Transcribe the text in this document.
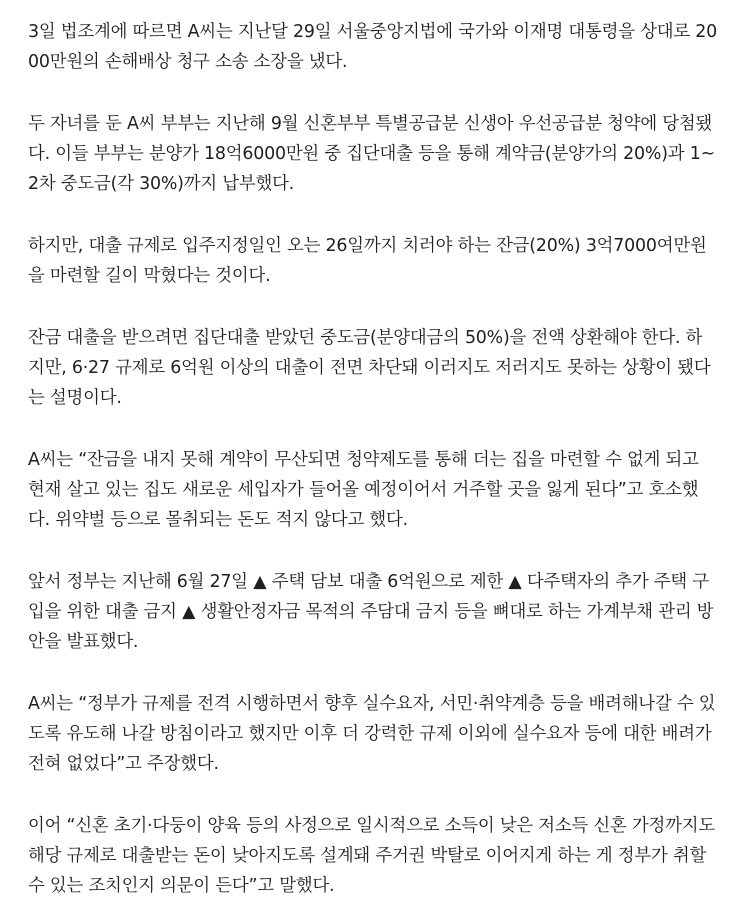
3일 법조계에 따르면 A씨는 지난달 29일 서울중앙지법에 국가와 이재명 대통령을 상대로 2000만원의 손해배상 청구 소송 소장을 냈다.

두 자녀를 둔 A씨 부부는 지난해 9월 신혼부부 특별공급분 신생아 우선공급분 청약에 당첨됐다. 이들 부부는 분양가 18억6000만원 중 집단대출 등을 통해 계약금(분양가의 20%)과 1~2차 중도금(각 30%)까지 납부했다.

하지만, 대출 규제로 입주지정일인 오는 26일까지 치러야 하는 잔금(20%) 3억7000여만원을 마련할 길이 막혔다는 것이다.

잔금 대출을 받으려면 집단대출 받았던 중도금(분양대금의 50%)을 전액 상환해야 한다. 하지만, 6·27 규제로 6억원 이상의 대출이 전면 차단돼 이러지도 저러지도 못하는 상황이 됐다는 설명이다.

A씨는 “잔금을 내지 못해 계약이 무산되면 청약제도를 통해 더는 집을 마련할 수 없게 되고 현재 살고 있는 집도 새로운 세입자가 들어올 예정이어서 거주할 곳을 잃게 된다”고 호소했다. 위약벌 등으로 몰취되는 돈도 적지 않다고 했다.

앞서 정부는 지난해 6월 27일 ▲ 주택 담보 대출 6억원으로 제한 ▲ 다주택자의 추가 주택 구입을 위한 대출 금지 ▲ 생활안정자금 목적의 주담대 금지 등을 뼈대로 하는 가계부채 관리 방안을 발표했다.

A씨는 “정부가 규제를 전격 시행하면서 향후 실수요자, 서민·취약계층 등을 배려해나갈 수 있도록 유도해 나갈 방침이라고 했지만 이후 더 강력한 규제 이외에 실수요자 등에 대한 배려가 전혀 없었다”고 주장했다.

이어 “신혼 초기·다둥이 양육 등의 사정으로 일시적으로 소득이 낮은 저소득 신혼 가정까지도 해당 규제로 대출받는 돈이 낮아지도록 설계돼 주거권 박탈로 이어지게 하는 게 정부가 취할 수 있는 조치인지 의문이 든다”고 말했다.
